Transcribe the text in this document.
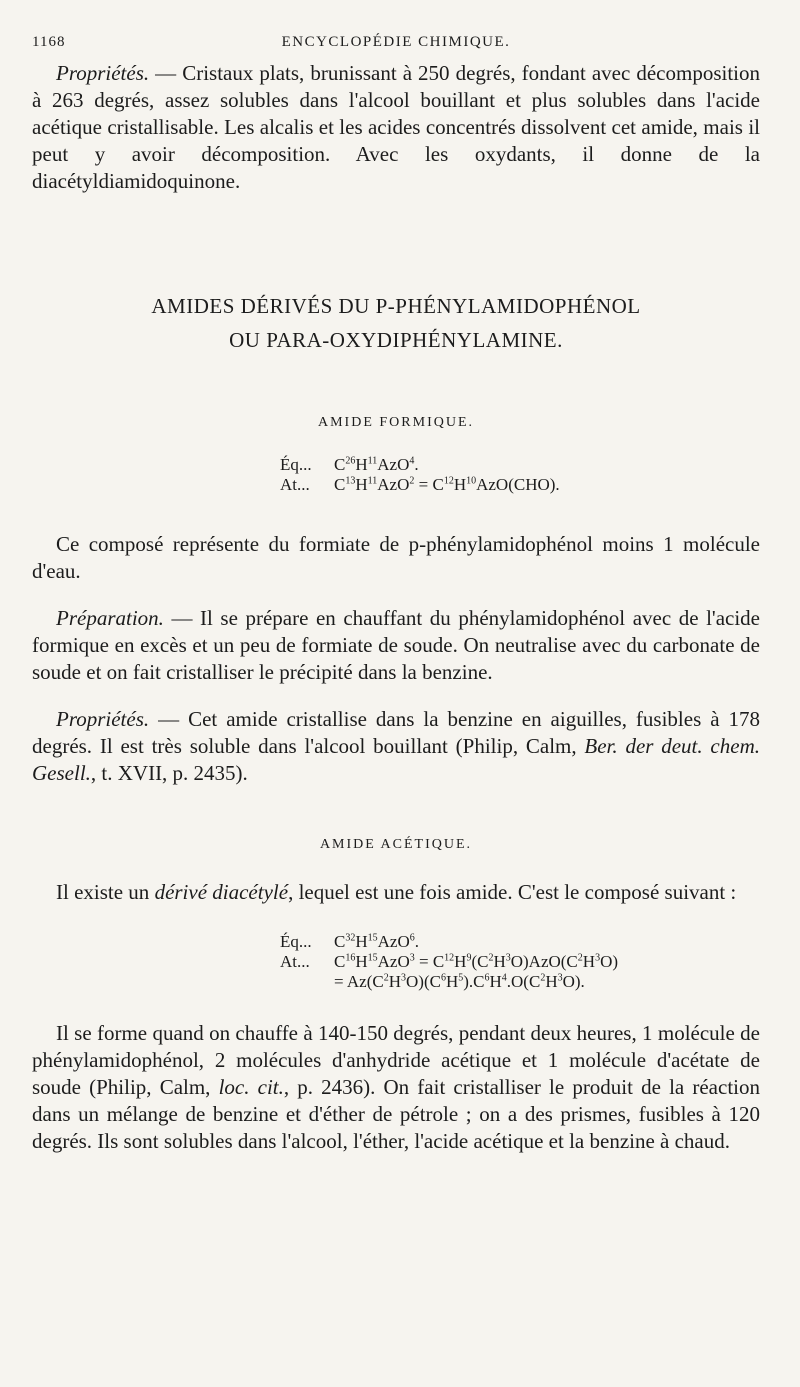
1168	ENCYCLOPÉDIE CHIMIQUE.

Propriétés. — Cristaux plats, brunissant à 250 degrés, fondant avec décomposition à 263 degrés, assez solubles dans l'alcool bouillant et plus solubles dans l'acide acétique cristallisable. Les alcalis et les acides concentrés dissolvent cet amide, mais il peut y avoir décomposition. Avec les oxydants, il donne de la diacétyldiamidoquinone.

AMIDES DÉRIVÉS DU P-PHÉNYLAMIDOPHÉNOL
OU PARA-OXYDIPHÉNYLAMINE.
AMIDE FORMIQUE.
Éq... $C^{26}H^{11}AzO^4$.
At... $C^{13}H^{11}AzO^2 = C^{12}H^{10}AzO(CHO)$.

Ce composé représente du formiate de p-phénylamidophénol moins 1 molécule d'eau.

Préparation. — Il se prépare en chauffant du phénylamidophénol avec de l'acide formique en excès et un peu de formiate de soude. On neutralise avec du carbonate de soude et on fait cristalliser le précipité dans la benzine.

Propriétés. — Cet amide cristallise dans la benzine en aiguilles, fusibles à 178 degrés. Il est très soluble dans l'alcool bouillant (Philip, Calm, Ber. der deut. chem. Gesell., t. XVII, p. 2435).

AMIDE ACÉTIQUE.

Il existe un dérivé diacétylé, lequel est une fois amide. C'est le composé suivant :

Éq... $C^{32}H^{15}AzO^6$.
At... $C^{16}H^{15}AzO^3 = C^{12}H^9(C^2H^3O)AzO(C^2H^3O)$
= $Az(C^2H^3O)(C^6H^5).C^6H^4.O(C^2H^3O)$.

Il se forme quand on chauffe à 140-150 degrés, pendant deux heures, 1 molécule de phénylamidophénol, 2 molécules d'anhydride acétique et 1 molécule d'acétate de soude (Philip, Calm, loc. cit., p. 2436). On fait cristalliser le produit de la réaction dans un mélange de benzine et d'éther de pétrole ; on a des prismes, fusibles à 120 degrés. Ils sont solubles dans l'alcool, l'éther, l'acide acétique et la benzine à chaud.
